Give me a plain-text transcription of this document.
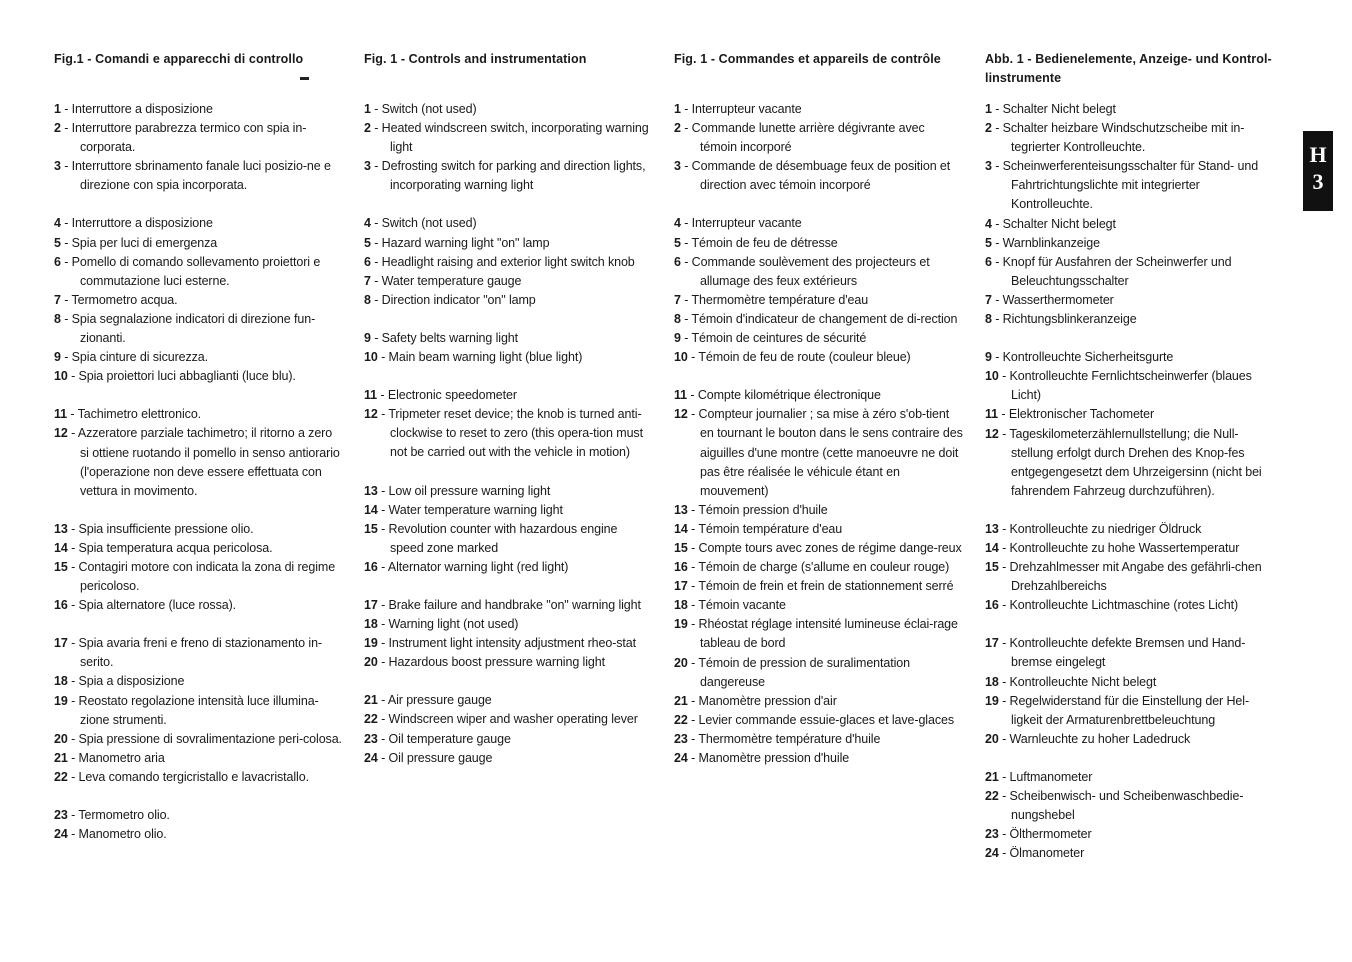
Fig.1 - Comandi e apparecchi di controllo
1 - Interruttore a disposizione
2 - Interruttore parabrezza termico con spia in-corporata.
3 - Interruttore sbrinamento fanale luci posizio-ne e direzione con spia incorporata.
4 - Interruttore a disposizione
5 - Spia per luci di emergenza
6 - Pomello di comando sollevamento proiettori e commutazione luci esterne.
7 - Termometro acqua.
8 - Spia segnalazione indicatori di direzione fun-zionanti.
9 - Spia cinture di sicurezza.
10 - Spia proiettori luci abbaglianti (luce blu).
11 - Tachimetro elettronico.
12 - Azzeratore parziale tachimetro; il ritorno a zero si ottiene ruotando il pomello in senso antiorario (l'operazione non deve essere effettuata con vettura in movimento.
13 - Spia insufficiente pressione olio.
14 - Spia temperatura acqua pericolosa.
15 - Contagiri motore con indicata la zona di regime pericoloso.
16 - Spia alternatore (luce rossa).
17 - Spia avaria freni e freno di stazionamento in-serito.
18 - Spia a disposizione
19 - Reostato regolazione intensità luce illumina-zione strumenti.
20 - Spia pressione di sovralimentazione peri-colosa.
21 - Manometro aria
22 - Leva comando tergicristallo e lavacristallo.
23 - Termometro olio.
24 - Manometro olio.
Fig. 1 - Controls and instrumentation
1 - Switch (not used)
2 - Heated windscreen switch, incorporating warning light
3 - Defrosting switch for parking and direction lights, incorporating warning light
4 - Switch (not used)
5 - Hazard warning light "on" lamp
6 - Headlight raising and exterior light switch knob
7 - Water temperature gauge
8 - Direction indicator "on" lamp
9 - Safety belts warning light
10 - Main beam warning light (blue light)
11 - Electronic speedometer
12 - Tripmeter reset device; the knob is turned anti-clockwise to reset to zero (this opera-tion must not be carried out with the vehicle in motion)
13 - Low oil pressure warning light
14 - Water temperature warning light
15 - Revolution counter with hazardous engine speed zone marked
16 - Alternator warning light (red light)
17 - Brake failure and handbrake "on" warning light
18 - Warning light (not used)
19 - Instrument light intensity adjustment rheo-stat
20 - Hazardous boost pressure warning light
21 - Air pressure gauge
22 - Windscreen wiper and washer operating lever
23 - Oil temperature gauge
24 - Oil pressure gauge
Fig. 1 - Commandes et appareils de contrôle
1 - Interrupteur vacante
2 - Commande lunette arrière dégivrante avec témoin incorporé
3 - Commande de désembuage feux de position et direction avec témoin incorporé
4 - Interrupteur vacante
5 - Témoin de feu de détresse
6 - Commande soulèvement des projecteurs et allumage des feux extérieurs
7 - Thermomètre température d'eau
8 - Témoin d'indicateur de changement de di-rection
9 - Témoin de ceintures de sécurité
10 - Témoin de feu de route (couleur bleue)
11 - Compte kilométrique électronique
12 - Compteur journalier ; sa mise à zéro s'ob-tient en tournant le bouton dans le sens contraire des aiguilles d'une montre (cette manoeuvre ne doit pas être réalisée le véhicule étant en mouvement)
13 - Témoin pression d'huile
14 - Témoin température d'eau
15 - Compte tours avec zones de régime dange-reux
16 - Témoin de charge (s'allume en couleur rouge)
17 - Témoin de frein et frein de stationnement serré
18 - Témoin vacante
19 - Rhéostat réglage intensité lumineuse éclai-rage tableau de bord
20 - Témoin de pression de suralimentation dangereuse
21 - Manomètre pression d'air
22 - Levier commande essuie-glaces et lave-glaces
23 - Thermomètre température d'huile
24 - Manomètre pression d'huile
Abb. 1 - Bedienelemente, Anzeige- und Kontrol-linstrumente
1 - Schalter Nicht belegt
2 - Schalter heizbare Windschutzscheibe mit in-tegrierter Kontrolleuchte.
3 - Scheinwerferenteisungsschalter für Stand- und Fahrtrichtungslichte mit integrierter Kontrolleuchte.
4 - Schalter Nicht belegt
5 - Warnblinkanzeige
6 - Knopf für Ausfahren der Scheinwerfer und Beleuchtungsschalter
7 - Wasserthermometer
8 - Richtungsblinkeranzeige
9 - Kontrolleuchte Sicherheitsgurte
10 - Kontrolleuchte Fernlichtscheinwerfer (blaues Licht)
11 - Elektronischer Tachometer
12 - Tageskilometerzählernullstellung; die Null-stellung erfolgt durch Drehen des Knop-fes entgegengesetzt dem Uhrzeigersinn (nicht bei fahrendem Fahrzeug durchzuführen).
13 - Kontrolleuchte zu niedriger Öldruck
14 - Kontrolleuchte zu hohe Wassertemperatur
15 - Drehzahlmesser mit Angabe des gefährli-chen Drehzahlbereichs
16 - Kontrolleuchte Lichtmaschine (rotes Licht)
17 - Kontrolleuchte defekte Bremsen und Hand-bremse eingelegt
18 - Kontrolleuchte Nicht belegt
19 - Regelwiderstand für die Einstellung der Hel-ligkeit der Armaturenbrettbeleuchtung
20 - Warnleuchte zu hoher Ladedruck
21 - Luftmanometer
22 - Scheibenwisch- und Scheibenwaschbedie-nungshebel
23 - Ölthermometer
24 - Ölmanometer
H
3
